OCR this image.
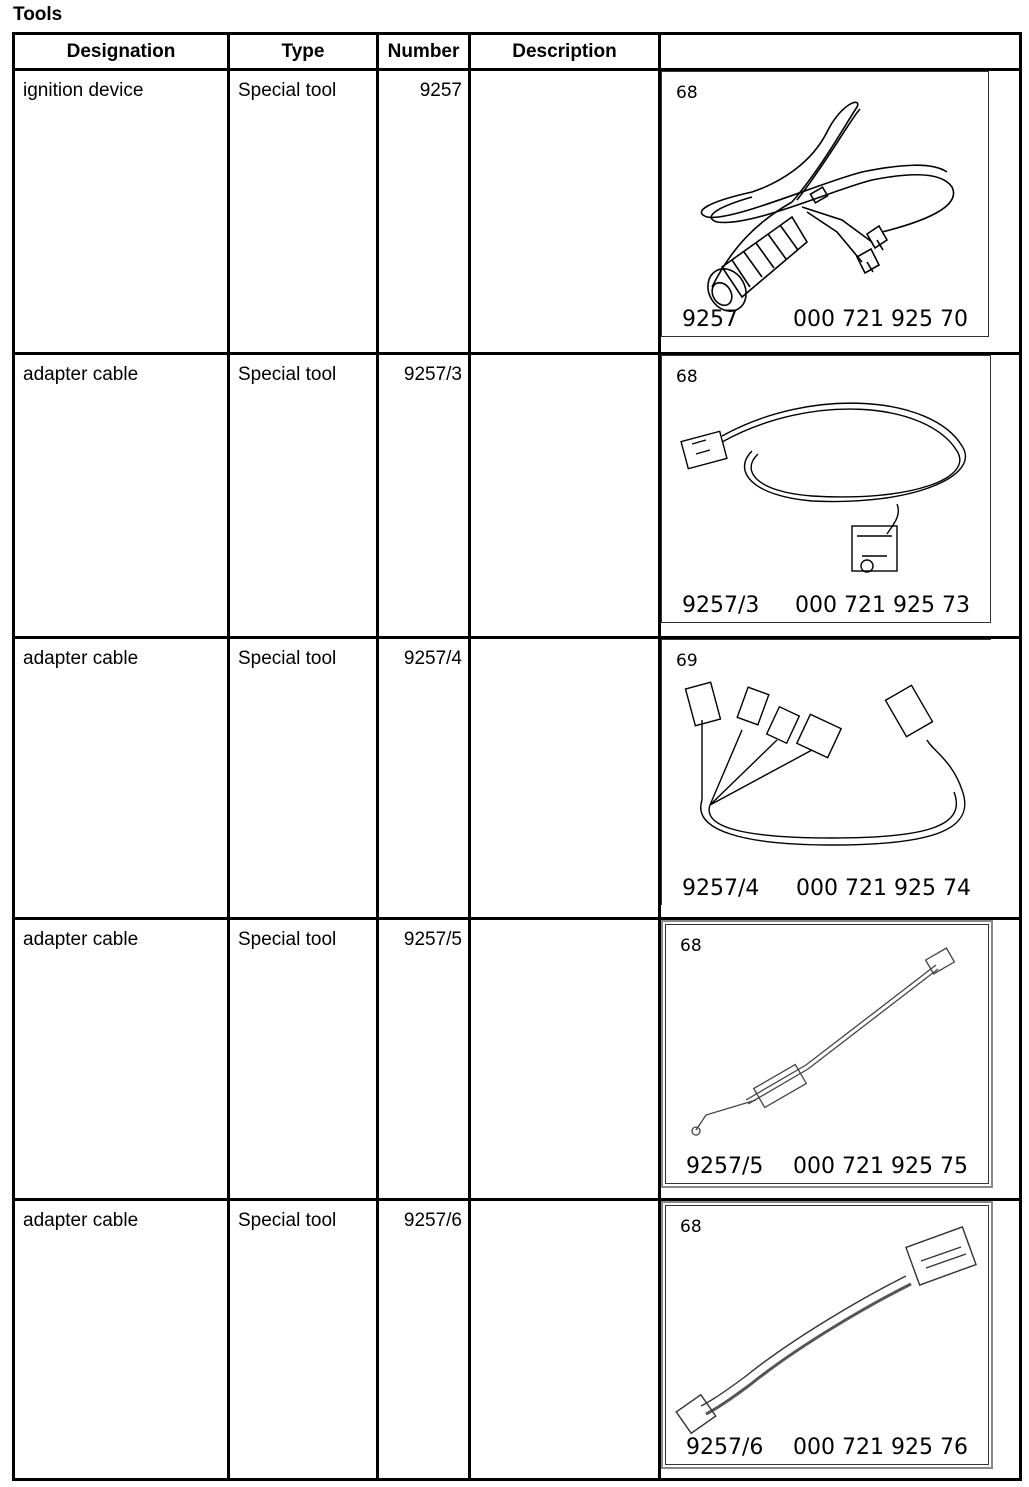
Tools
Designation	Type	Number	Description	

ignition device	Special tool	9257		68
9257 000 721 925 70

adapter cable	Special tool	9257/3		68
9257/3 000 721 925 73

adapter cable	Special tool	9257/4		69
9257/4 000 721 925 74

adapter cable	Special tool	9257/5		68
9257/5 000 721 925 75

adapter cable	Special tool	9257/6		68
9257/6 000 721 925 76
